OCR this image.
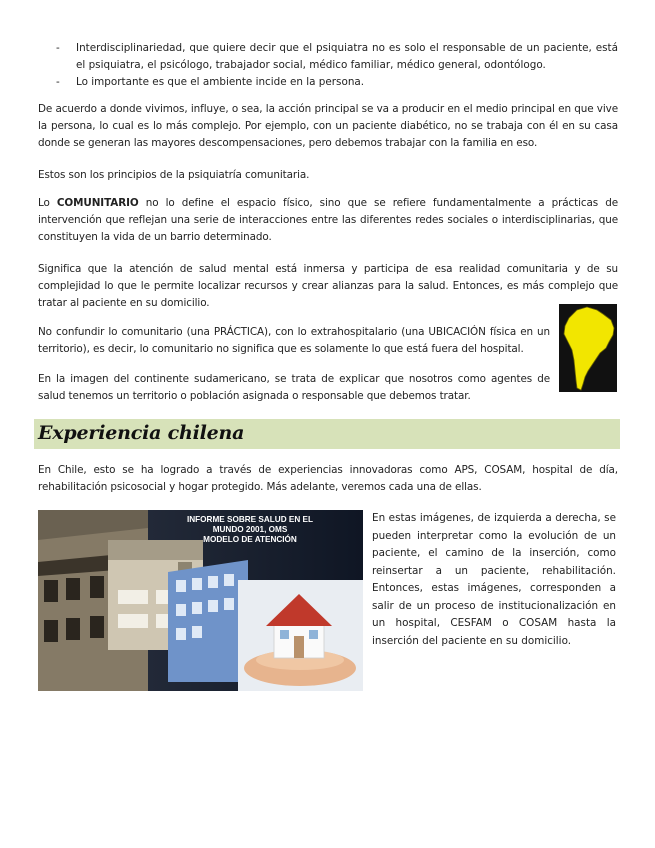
- Interdisciplinariedad, que quiere decir que el psiquiatra no es solo el responsable de un paciente, está el psiquiatra, el psicólogo, trabajador social, médico familiar, médico general, odontólogo.
- Lo importante es que el ambiente incide en la persona.
De acuerdo a donde vivimos, influye, o sea, la acción principal se va a producir en el medio principal en que vive la persona, lo cual es lo más complejo. Por ejemplo, con un paciente diabético, no se trabaja con él en su casa donde se generan las mayores descompensaciones, pero debemos trabajar con la familia en eso.
Estos son los principios de la psiquiatría comunitaria.
Lo COMUNITARIO no lo define el espacio físico, sino que se refiere fundamentalmente a prácticas de intervención que reflejan una serie de interacciones entre las diferentes redes sociales o interdisciplinarias, que constituyen la vida de un barrio determinado.
Significa que la atención de salud mental está inmersa y participa de esa realidad comunitaria y de su complejidad lo que le permite localizar recursos y crear alianzas para la salud. Entonces, es más complejo que tratar al paciente en su domicilio.
No confundir lo comunitario (una PRÁCTICA), con lo extrahospitalario (una UBICACIÓN física en un territorio), es decir, lo comunitario no significa que es solamente lo que está fuera del hospital.
En la imagen del continente sudamericano, se trata de explicar que nosotros como agentes de salud tenemos un territorio o población asignada o responsable que debemos tratar.
Experiencia chilena
En Chile, esto se ha logrado a través de experiencias innovadoras como APS, COSAM, hospital de día, rehabilitación psicosocial y hogar protegido. Más adelante, veremos cada una de ellas.
INFORME SOBRE SALUD EN EL
MUNDO 2001, OMS
MODELO DE ATENCIÓN
En estas imágenes, de izquierda a derecha, se pueden interpretar como la evolución de un paciente, el camino de la inserción, como reinsertar a un paciente, rehabilitación. Entonces, estas imágenes, corresponden a salir de un proceso de institucionalización en un hospital, CESFAM o COSAM hasta la inserción del paciente en su domicilio.
